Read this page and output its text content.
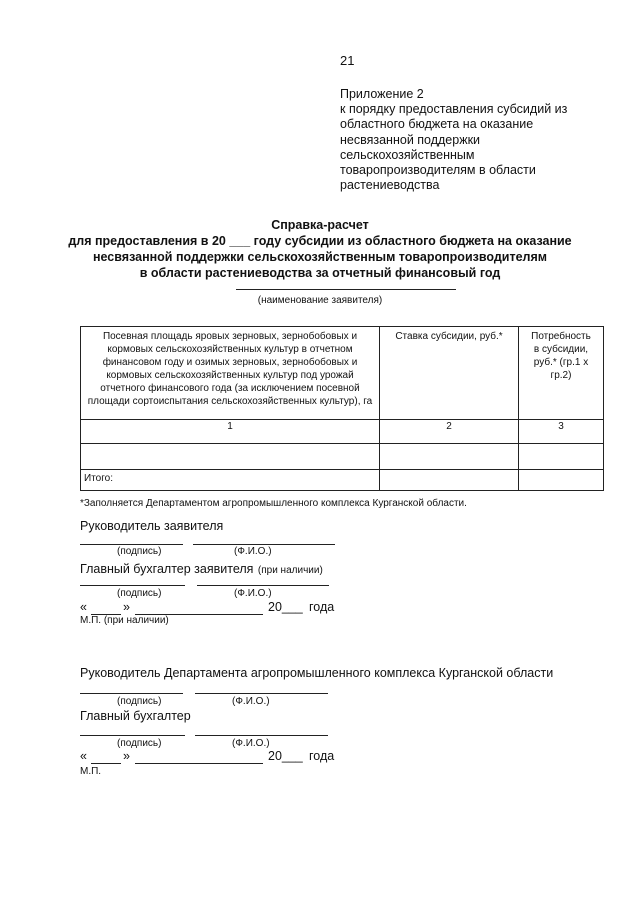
21
Приложение 2
к порядку предоставления субсидий из
областного бюджета на оказание
несвязанной поддержки
сельскохозяйственным
товаропроизводителям в области
растениеводства
Справка-расчет
для предоставления в 20 ___ году субсидии из областного бюджета на оказание
несвязанной поддержки сельскохозяйственным товаропроизводителям
в области растениеводства за отчетный финансовый год
(наименование заявителя)
Посевная площадь яровых зерновых, зернобобовых и кормовых сельскохозяйственных культур в отчетном финансовом году и озимых зерновых, зернобобовых и кормовых сельскохозяйственных культур под урожай отчетного финансового года (за исключением посевной площади сортоиспытания сельскохозяйственных культур), га	Ставка субсидии, руб.*	Потребность в субсидии, руб.* (гр.1 х гр.2)
1	2	3

Итого:		
*Заполняется Департаментом агропромышленного комплекса Курганской области.
Руководитель заявителя
(подпись)	(Ф.И.О.)
Главный бухгалтер заявителя (при наличии)
(подпись)	(Ф.И.О.)
«	»	20___ года
М.П. (при наличии)
Руководитель Департамента агропромышленного комплекса Курганской области
(подпись)	(Ф.И.О.)
Главный бухгалтер
(подпись)	(Ф.И.О.)
«	»	20___ года
М.П.
